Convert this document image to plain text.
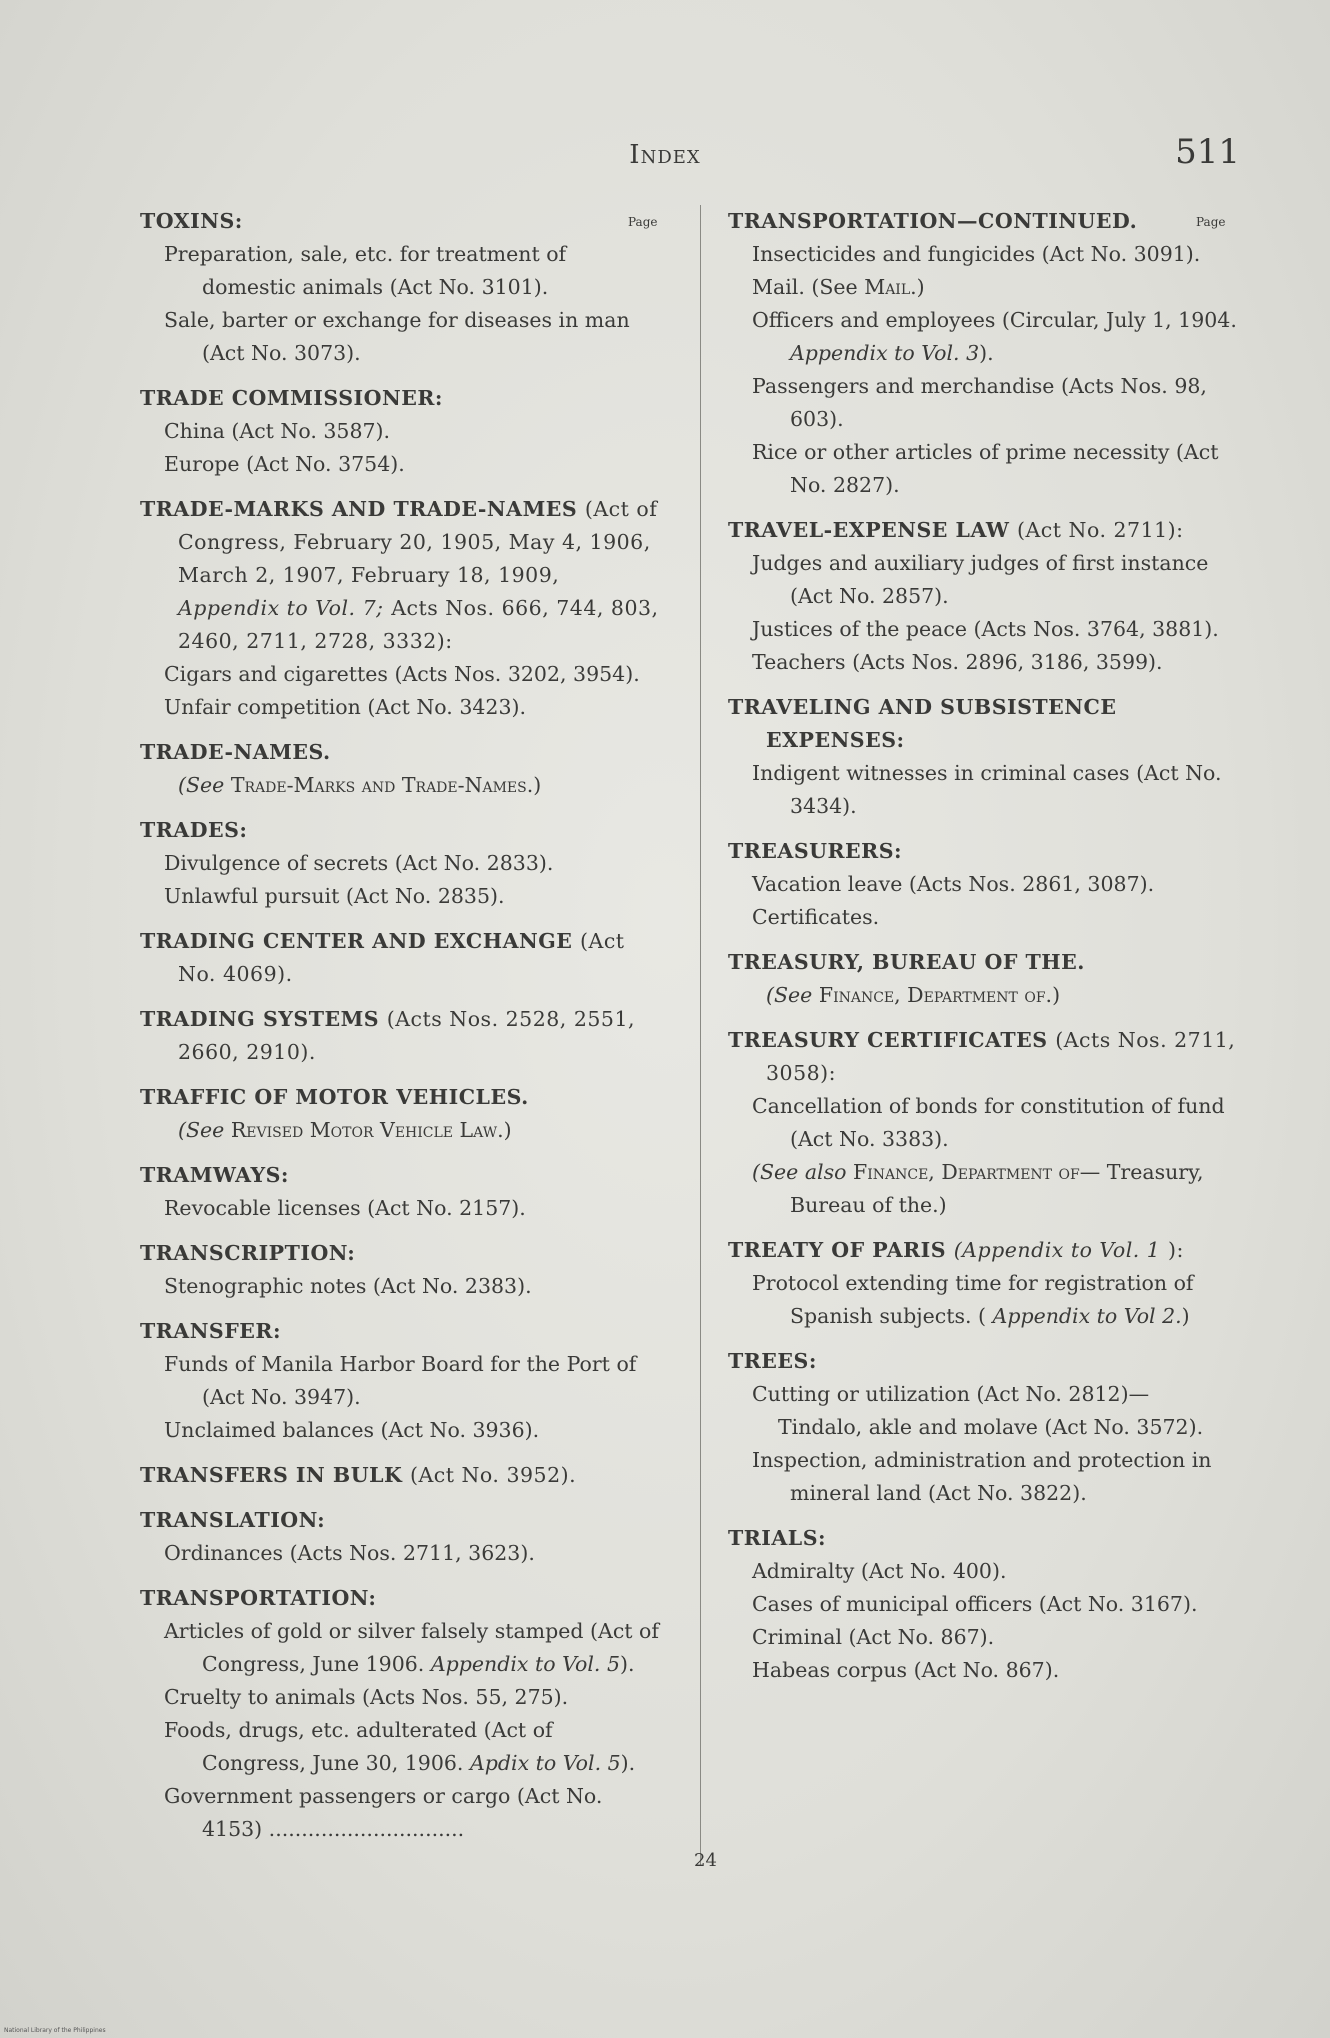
Index	511
Page	Page
TOXINS:
Preparation, sale, etc. for treatment of domestic animals (Act No. 3101).
Sale, barter or exchange for diseases in man (Act No. 3073).
TRADE COMMISSIONER:
China (Act No. 3587).
Europe (Act No. 3754).
TRADE-MARKS AND TRADE-NAMES (Act of Congress, February 20, 1905, May 4, 1906, March 2, 1907, February 18, 1909, Appendix to Vol. 7; Acts Nos. 666, 744, 803, 2460, 2711, 2728, 3332):
Cigars and cigarettes (Acts Nos. 3202, 3954).
Unfair competition (Act No. 3423).
TRADE-NAMES.
(See Trade-Marks and Trade-Names.)
TRADES:
Divulgence of secrets (Act No. 2833).
Unlawful pursuit (Act No. 2835).
TRADING CENTER AND EXCHANGE (Act No. 4069).
TRADING SYSTEMS (Acts Nos. 2528, 2551, 2660, 2910).
TRAFFIC OF MOTOR VEHICLES.
(See Revised Motor Vehicle Law.)
TRAMWAYS:
Revocable licenses (Act No. 2157).
TRANSCRIPTION:
Stenographic notes (Act No. 2383).
TRANSFER:
Funds of Manila Harbor Board for the Port of (Act No. 3947).
Unclaimed balances (Act No. 3936).
TRANSFERS IN BULK (Act No. 3952).
TRANSLATION:
Ordinances (Acts Nos. 2711, 3623).
TRANSPORTATION:
Articles of gold or silver falsely stamped (Act of Congress, June 1906. Appendix to Vol. 5).
Cruelty to animals (Acts Nos. 55, 275).
Foods, drugs, etc. adulterated (Act of Congress, June 30, 1906. Apdix to Vol. 5).
Government passengers or cargo (Act No. 4153) ..............................
TRANSPORTATION—CONTINUED.
Insecticides and fungicides (Act No. 3091).
Mail. (See Mail.)
Officers and employees (Circular, July 1, 1904. Appendix to Vol. 3).
Passengers and merchandise (Acts Nos. 98, 603).
Rice or other articles of prime necessity (Act No. 2827).
TRAVEL-EXPENSE LAW (Act No. 2711):
Judges and auxiliary judges of first instance (Act No. 2857).
Justices of the peace (Acts Nos. 3764, 3881).
Teachers (Acts Nos. 2896, 3186, 3599).
TRAVELING AND SUBSISTENCE EXPENSES:
Indigent witnesses in criminal cases (Act No. 3434).
TREASURERS:
Vacation leave (Acts Nos. 2861, 3087).
Certificates.
TREASURY, BUREAU OF THE.
(See Finance, Department of.)
TREASURY CERTIFICATES (Acts Nos. 2711, 3058):
Cancellation of bonds for constitution of fund (Act No. 3383).
(See also Finance, Department of— Treasury, Bureau of the.)
TREATY OF PARIS (Appendix to Vol. 1 ):
Protocol extending time for registration of Spanish subjects. ( Appendix to Vol 2.)
TREES:
Cutting or utilization (Act No. 2812)—
Tindalo, akle and molave (Act No. 3572).
Inspection, administration and protection in mineral land (Act No. 3822).
TRIALS:
Admiralty (Act No. 400).
Cases of municipal officers (Act No. 3167).
Criminal (Act No. 867).
Habeas corpus (Act No. 867).
24
National Library of the Philippines
